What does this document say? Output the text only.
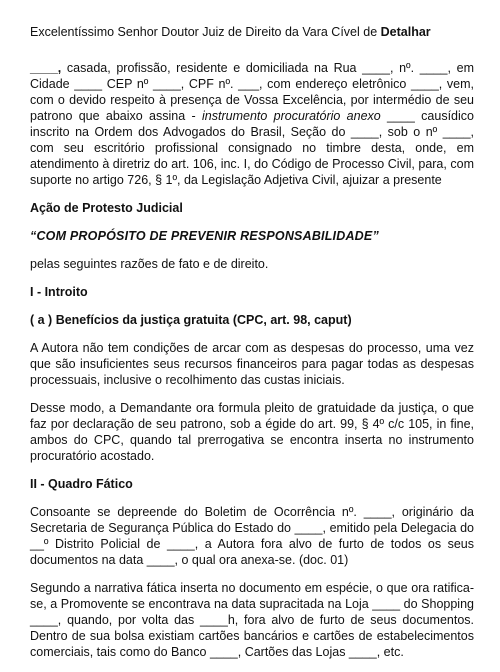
Excelentíssimo Senhor Doutor Juiz de Direito da Vara Cível de Detalhar
____, casada, profissão, residente e domiciliada na Rua ____, nº. ____, em Cidade ____ CEP nº ____, CPF nº. ___, com endereço eletrônico ____, vem, com o devido respeito à presença de Vossa Excelência, por intermédio de seu patrono que abaixo assina - instrumento procuratório anexo ____ causídico inscrito na Ordem dos Advogados do Brasil, Seção do ____, sob o nº ____, com seu escritório profissional consignado no timbre desta, onde, em atendimento à diretriz do art. 106, inc. I, do Código de Processo Civil, para, com suporte no artigo 726, § 1º, da Legislação Adjetiva Civil, ajuizar a presente
Ação de Protesto Judicial
“COM PROPÓSITO DE PREVENIR RESPONSABILIDADE”
pelas seguintes razões de fato e de direito.
I - Introito
( a ) Benefícios da justiça gratuita (CPC, art. 98, caput)
A Autora não tem condições de arcar com as despesas do processo, uma vez que são insuficientes seus recursos financeiros para pagar todas as despesas processuais, inclusive o recolhimento das custas iniciais.
Desse modo, a Demandante ora formula pleito de gratuidade da justiça, o que faz por declaração de seu patrono, sob a égide do art. 99, § 4º c/c 105, in fine, ambos do CPC, quando tal prerrogativa se encontra inserta no instrumento procuratório acostado.
II - Quadro Fático
Consoante se depreende do Boletim de Ocorrência nº. ____, originário da Secretaria de Segurança Pública do Estado do ____, emitido pela Delegacia do __º Distrito Policial de ____, a Autora fora alvo de furto de todos os seus documentos na data ____, o qual ora anexa-se. (doc. 01)
Segundo a narrativa fática inserta no documento em espécie, o que ora ratifica-se, a Promovente se encontrava na data supracitada na Loja ____ do Shopping ____, quando, por volta das ____h, fora alvo de furto de seus documentos. Dentro de sua bolsa existiam cartões bancários e cartões de estabelecimentos comerciais, tais como do Banco ____, Cartões das Lojas ____, etc.
